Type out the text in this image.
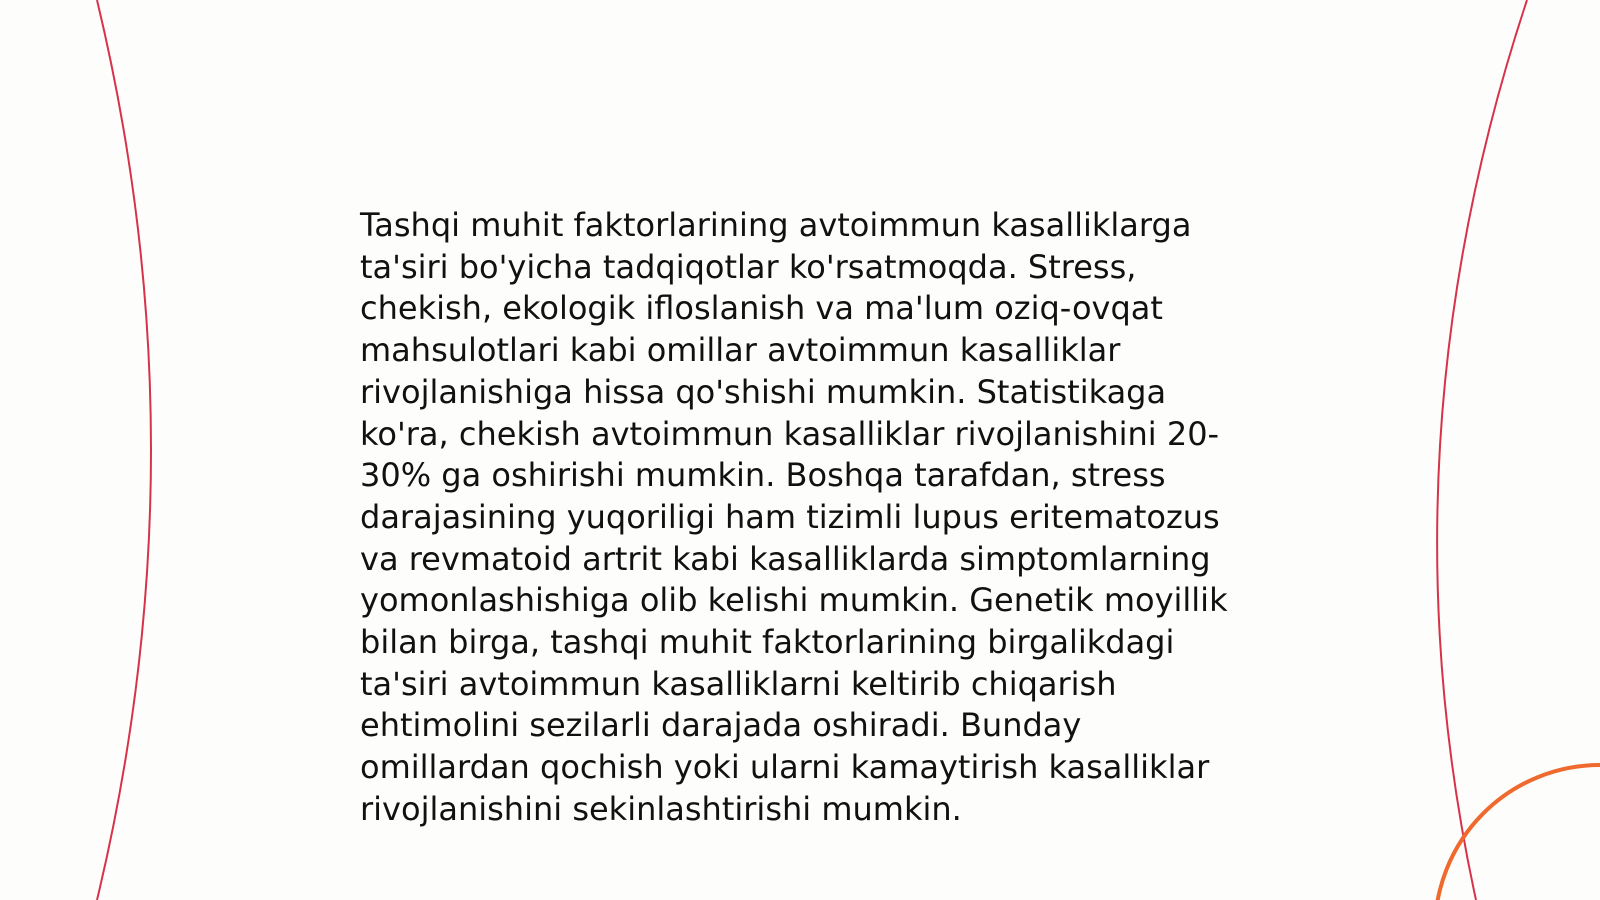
Tashqi muhit faktorlarining avtoimmun kasalliklarga ta'siri bo'yicha tadqiqotlar ko'rsatmoqda. Stress, chekish, ekologik ifloslanish va ma'lum oziq-ovqat mahsulotlari kabi omillar avtoimmun kasalliklar rivojlanishiga hissa qo'shishi mumkin. Statistikaga ko'ra, chekish avtoimmun kasalliklar rivojlanishini 20-30% ga oshirishi mumkin. Boshqa tarafdan, stress darajasining yuqoriligi ham tizimli lupus eritematozus va revmatoid artrit kabi kasalliklarda simptomlarning yomonlashishiga olib kelishi mumkin. Genetik moyillik bilan birga, tashqi muhit faktorlarining birgalikdagi ta'siri avtoimmun kasalliklarni keltirib chiqarish ehtimolini sezilarli darajada oshiradi. Bunday omillardan qochish yoki ularni kamaytirish kasalliklar rivojlanishini sekinlashtirishi mumkin.
